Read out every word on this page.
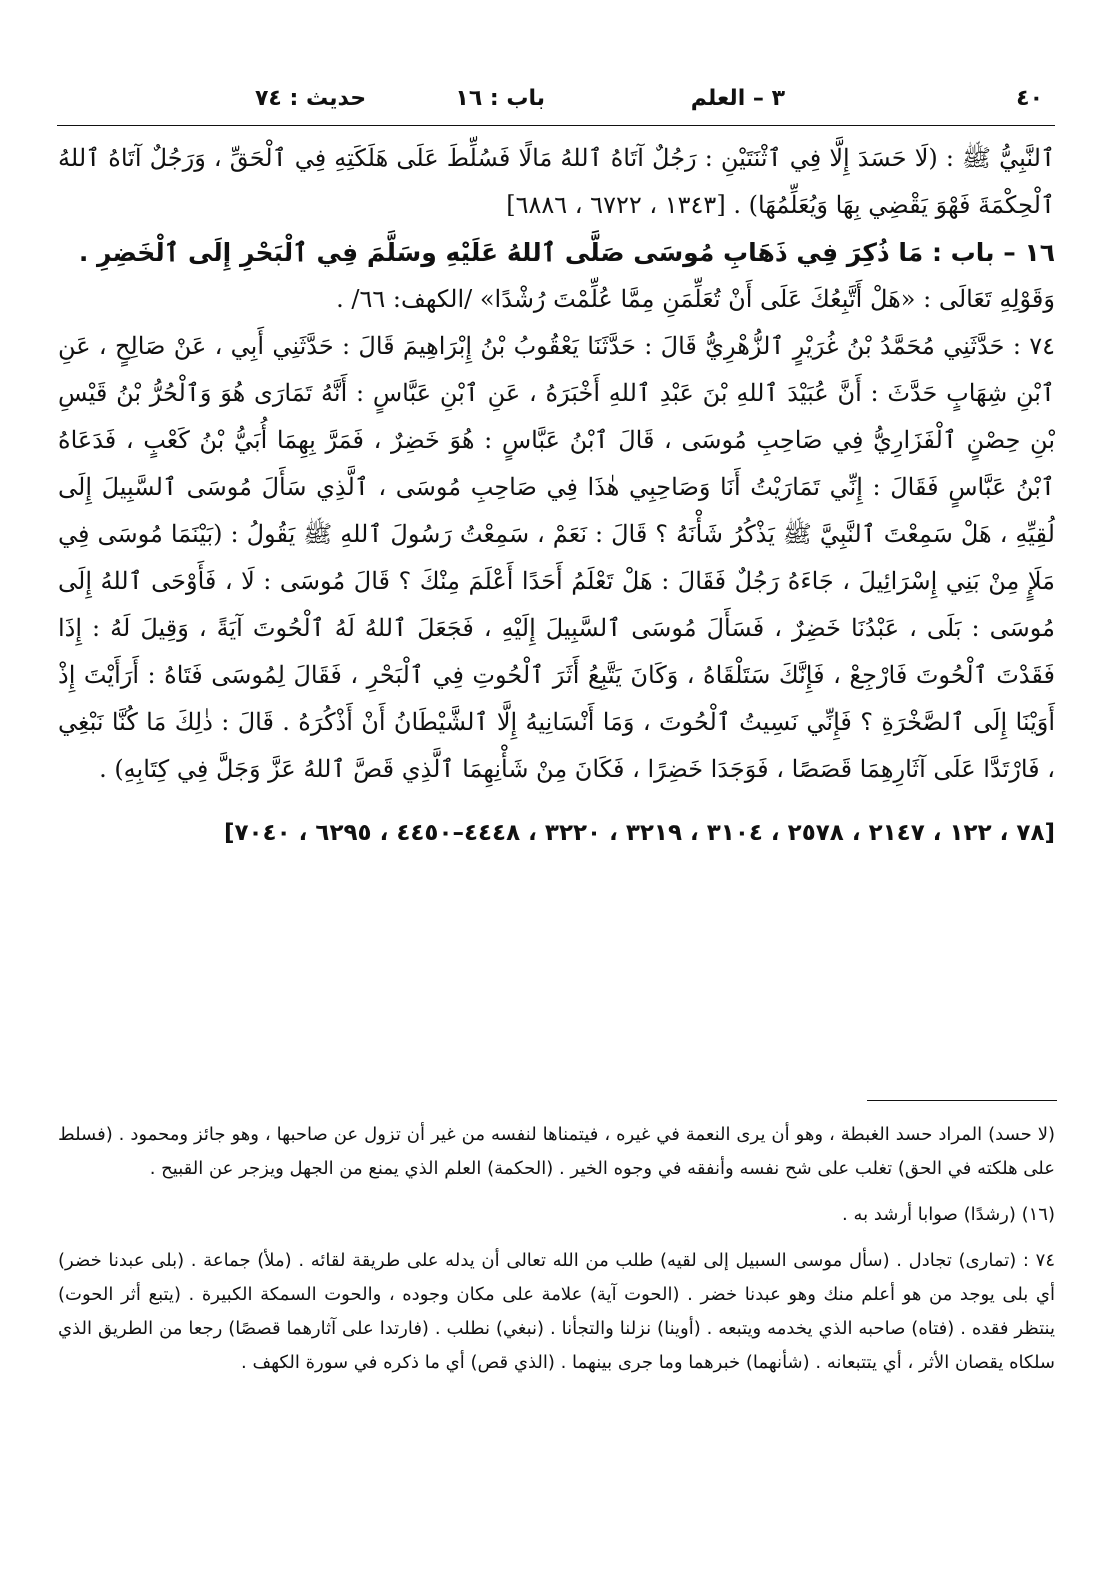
٤٠
٣ – العلم
باب : ١٦
حديث : ٧٤

ٱلنَّبِيُّ ﷺ : (لَا حَسَدَ إِلَّا فِي ٱثْنَتَيْنِ : رَجُلٌ آتَاهُ ٱللهُ مَالًا فَسُلِّطَ عَلَى هَلَكَتِهِ فِي ٱلْحَقِّ ، وَرَجُلٌ آتَاهُ ٱللهُ ٱلْحِكْمَةَ فَهْوَ يَقْضِي بِهَا وَيُعَلِّمُهَا) . [١٣٤٣ ، ٦٧٢٢ ، ٦٨٨٦]

١٦ – باب : مَا ذُكِرَ فِي ذَهَابِ مُوسَى صَلَّى ٱللهُ عَلَيْهِ وسَلَّمَ فِي ٱلْبَحْرِ إِلَى ٱلْخَضِرِ .

وَقَوْلِهِ تَعَالَى : «هَلْ أَتَّبِعُكَ عَلَى أَنْ تُعَلِّمَنِ مِمَّا عُلِّمْتَ رُشْدًا» /الكهف: ٦٦/ .

٧٤ : حَدَّثَنِي مُحَمَّدُ بْنُ غُرَيْرٍ ٱلزُّهْرِيُّ قَالَ : حَدَّثَنَا يَعْقُوبُ بْنُ إِبْرَاهِيمَ قَالَ : حَدَّثَنِي أَبِي ، عَنْ صَالِحٍ ، عَنِ ٱبْنِ شِهَابٍ حَدَّثَ : أَنَّ عُبَيْدَ ٱللهِ بْنَ عَبْدِ ٱللهِ أَخْبَرَهُ ، عَنِ ٱبْنِ عَبَّاسٍ : أَنَّهُ تَمَارَى هُوَ وَٱلْحُرُّ بْنُ قَيْسِ بْنِ حِصْنٍ ٱلْفَزَارِيُّ فِي صَاحِبِ مُوسَى ، قَالَ ٱبْنُ عَبَّاسٍ : هُوَ خَضِرٌ ، فَمَرَّ بِهِمَا أُبَيُّ بْنُ كَعْبٍ ، فَدَعَاهُ ٱبْنُ عَبَّاسٍ فَقَالَ : إِنِّي تَمَارَيْتُ أَنَا وَصَاحِبِي هٰذَا فِي صَاحِبِ مُوسَى ، ٱلَّذِي سَأَلَ مُوسَى ٱلسَّبِيلَ إِلَى لُقِيِّهِ ، هَلْ سَمِعْتَ ٱلنَّبِيَّ ﷺ يَذْكُرُ شَأْنَهُ ؟ قَالَ : نَعَمْ ، سَمِعْتُ رَسُولَ ٱللهِ ﷺ يَقُولُ : (بَيْنَمَا مُوسَى فِي مَلَإٍ مِنْ بَنِي إِسْرَائِيلَ ، جَاءَهُ رَجُلٌ فَقَالَ : هَلْ تَعْلَمُ أَحَدًا أَعْلَمَ مِنْكَ ؟ قَالَ مُوسَى : لَا ، فَأَوْحَى ٱللهُ إِلَى مُوسَى : بَلَى ، عَبْدُنَا خَضِرٌ ، فَسَأَلَ مُوسَى ٱلسَّبِيلَ إِلَيْهِ ، فَجَعَلَ ٱللهُ لَهُ ٱلْحُوتَ آيَةً ، وَقِيلَ لَهُ : إِذَا فَقَدْتَ ٱلْحُوتَ فَارْجِعْ ، فَإِنَّكَ سَتَلْقَاهُ ، وَكَانَ يَتَّبِعُ أَثَرَ ٱلْحُوتِ فِي ٱلْبَحْرِ ، فَقَالَ لِمُوسَى فَتَاهُ : أَرَأَيْتَ إِذْ أَوَيْنَا إِلَى ٱلصَّخْرَةِ ؟ فَإِنِّي نَسِيتُ ٱلْحُوتَ ، وَمَا أَنْسَانِيهُ إِلَّا ٱلشَّيْطَانُ أَنْ أَذْكُرَهُ . قَالَ : ذٰلِكَ مَا كُنَّا نَبْغِي ، فَارْتَدَّا عَلَى آثَارِهِمَا قَصَصًا ، فَوَجَدَا خَضِرًا ، فَكَانَ مِنْ شَأْنِهِمَا ٱلَّذِي قَصَّ ٱللهُ عَزَّ وَجَلَّ فِي كِتَابِهِ) .

[٧٨ ، ١٢٢ ، ٢١٤٧ ، ٢٥٧٨ ، ٣١٠٤ ، ٣٢١٩ ، ٣٢٢٠ ، ٤٤٤٨–٤٤٥٠ ، ٦٢٩٥ ، ٧٠٤٠]

(لا حسد) المراد حسد الغبطة ، وهو أن يرى النعمة في غيره ، فيتمناها لنفسه من غير أن تزول عن صاحبها ، وهو جائز ومحمود . (فسلط على هلكته في الحق) تغلب على شح نفسه وأنفقه في وجوه الخير . (الحكمة) العلم الذي يمنع من الجهل ويزجر عن القبيح .

(١٦) (رشدًا) صوابا أرشد به .

٧٤ : (تمارى) تجادل . (سأل موسى السبيل إلى لقيه) طلب من الله تعالى أن يدله على طريقة لقائه . (ملأ) جماعة . (بلى عبدنا خضر) أي بلى يوجد من هو أعلم منك وهو عبدنا خضر . (الحوت آية) علامة على مكان وجوده ، والحوت السمكة الكبيرة . (يتبع أثر الحوت) ينتظر فقده . (فتاه) صاحبه الذي يخدمه ويتبعه . (أوينا) نزلنا والتجأنا . (نبغي) نطلب . (فارتدا على آثارهما قصصًا) رجعا من الطريق الذي سلكاه يقصان الأثر ، أي يتتبعانه . (شأنهما) خبرهما وما جرى بينهما . (الذي قص) أي ما ذكره في سورة الكهف .
